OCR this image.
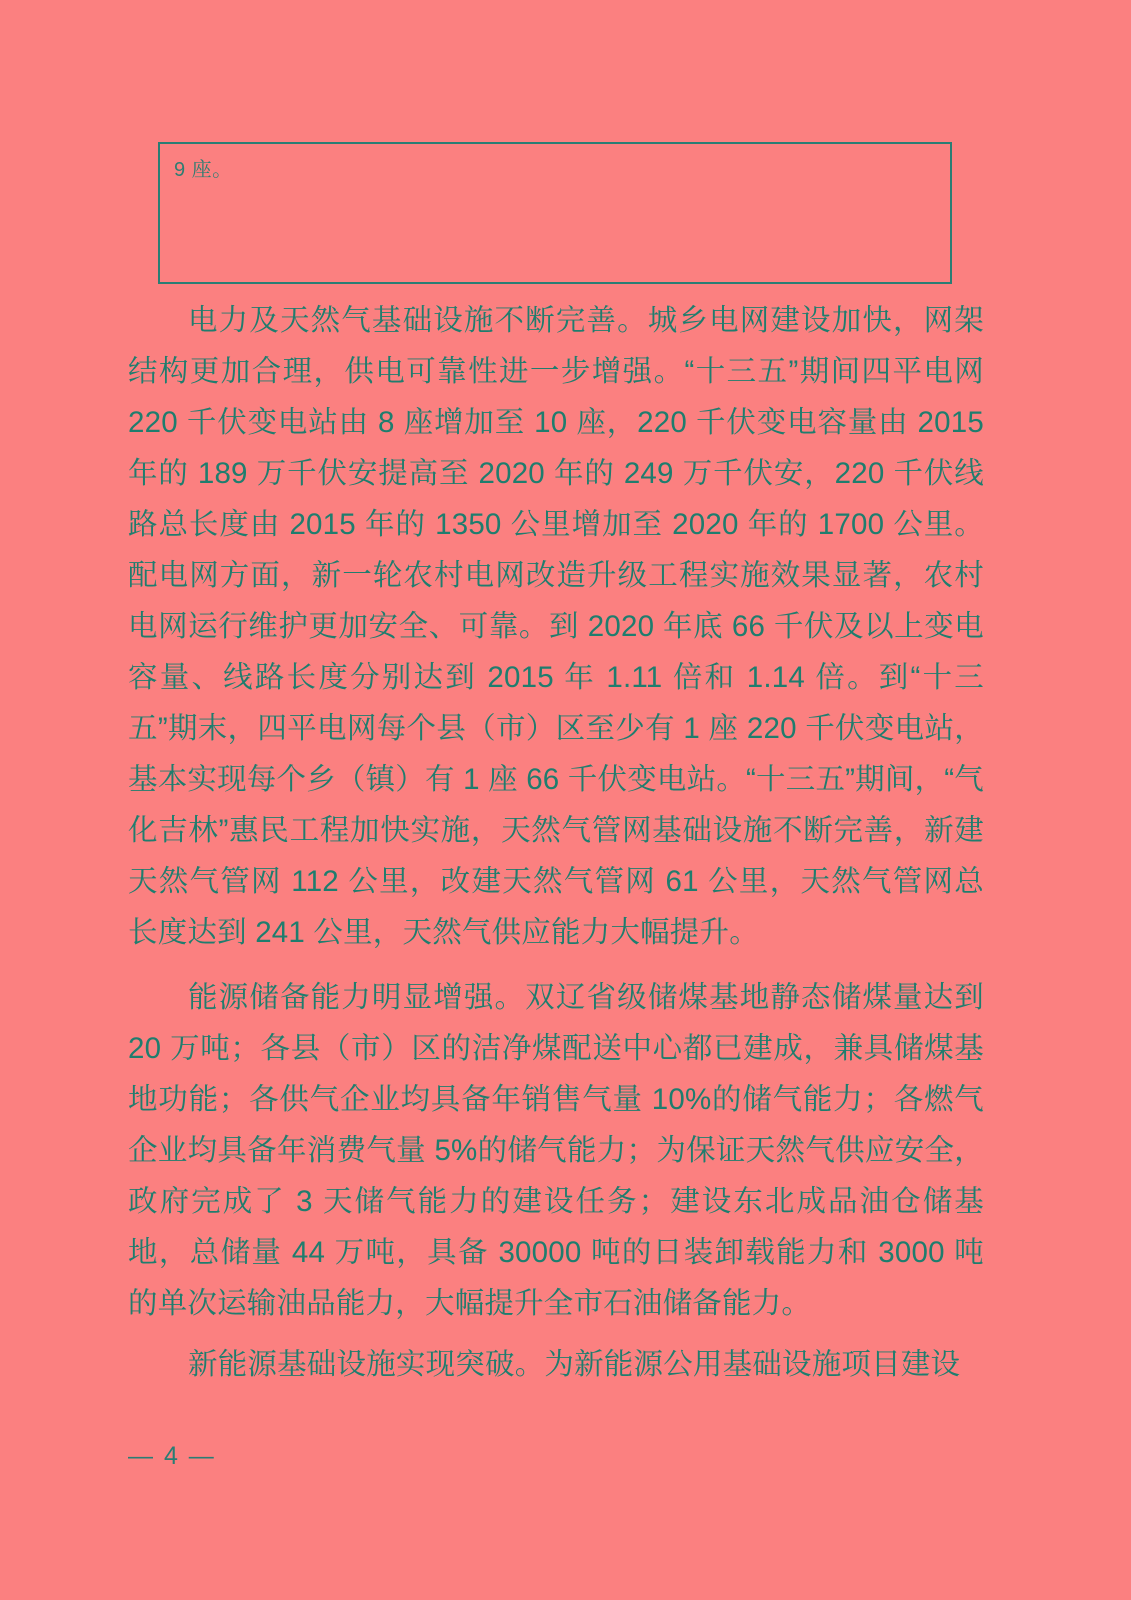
9 座。

电力及天然气基础设施不断完善。城乡电网建设加快，网架结构更加合理，供电可靠性进一步增强。“十三五”期间四平电网 220 千伏变电站由 8 座增加至 10 座，220 千伏变电容量由 2015 年的 189 万千伏安提高至 2020 年的 249 万千伏安，220 千伏线路总长度由 2015 年的 1350 公里增加至 2020 年的 1700 公里。配电网方面，新一轮农村电网改造升级工程实施效果显著，农村电网运行维护更加安全、可靠。到 2020 年底 66 千伏及以上变电容量、线路长度分别达到 2015 年 1.11 倍和 1.14 倍。到“十三五”期末，四平电网每个县（市）区至少有 1 座 220 千伏变电站，基本实现每个乡（镇）有 1 座 66 千伏变电站。“十三五”期间，“气化吉林”惠民工程加快实施，天然气管网基础设施不断完善，新建天然气管网 112 公里，改建天然气管网 61 公里，天然气管网总长度达到 241 公里，天然气供应能力大幅提升。

能源储备能力明显增强。双辽省级储煤基地静态储煤量达到 20 万吨；各县（市）区的洁净煤配送中心都已建成，兼具储煤基地功能；各供气企业均具备年销售气量 10%的储气能力；各燃气企业均具备年消费气量 5%的储气能力；为保证天然气供应安全，政府完成了 3 天储气能力的建设任务；建设东北成品油仓储基地，总储量 44 万吨，具备 30000 吨的日装卸载能力和 3000 吨的单次运输油品能力，大幅提升全市石油储备能力。

新能源基础设施实现突破。为新能源公用基础设施项目建设

— 4 —
